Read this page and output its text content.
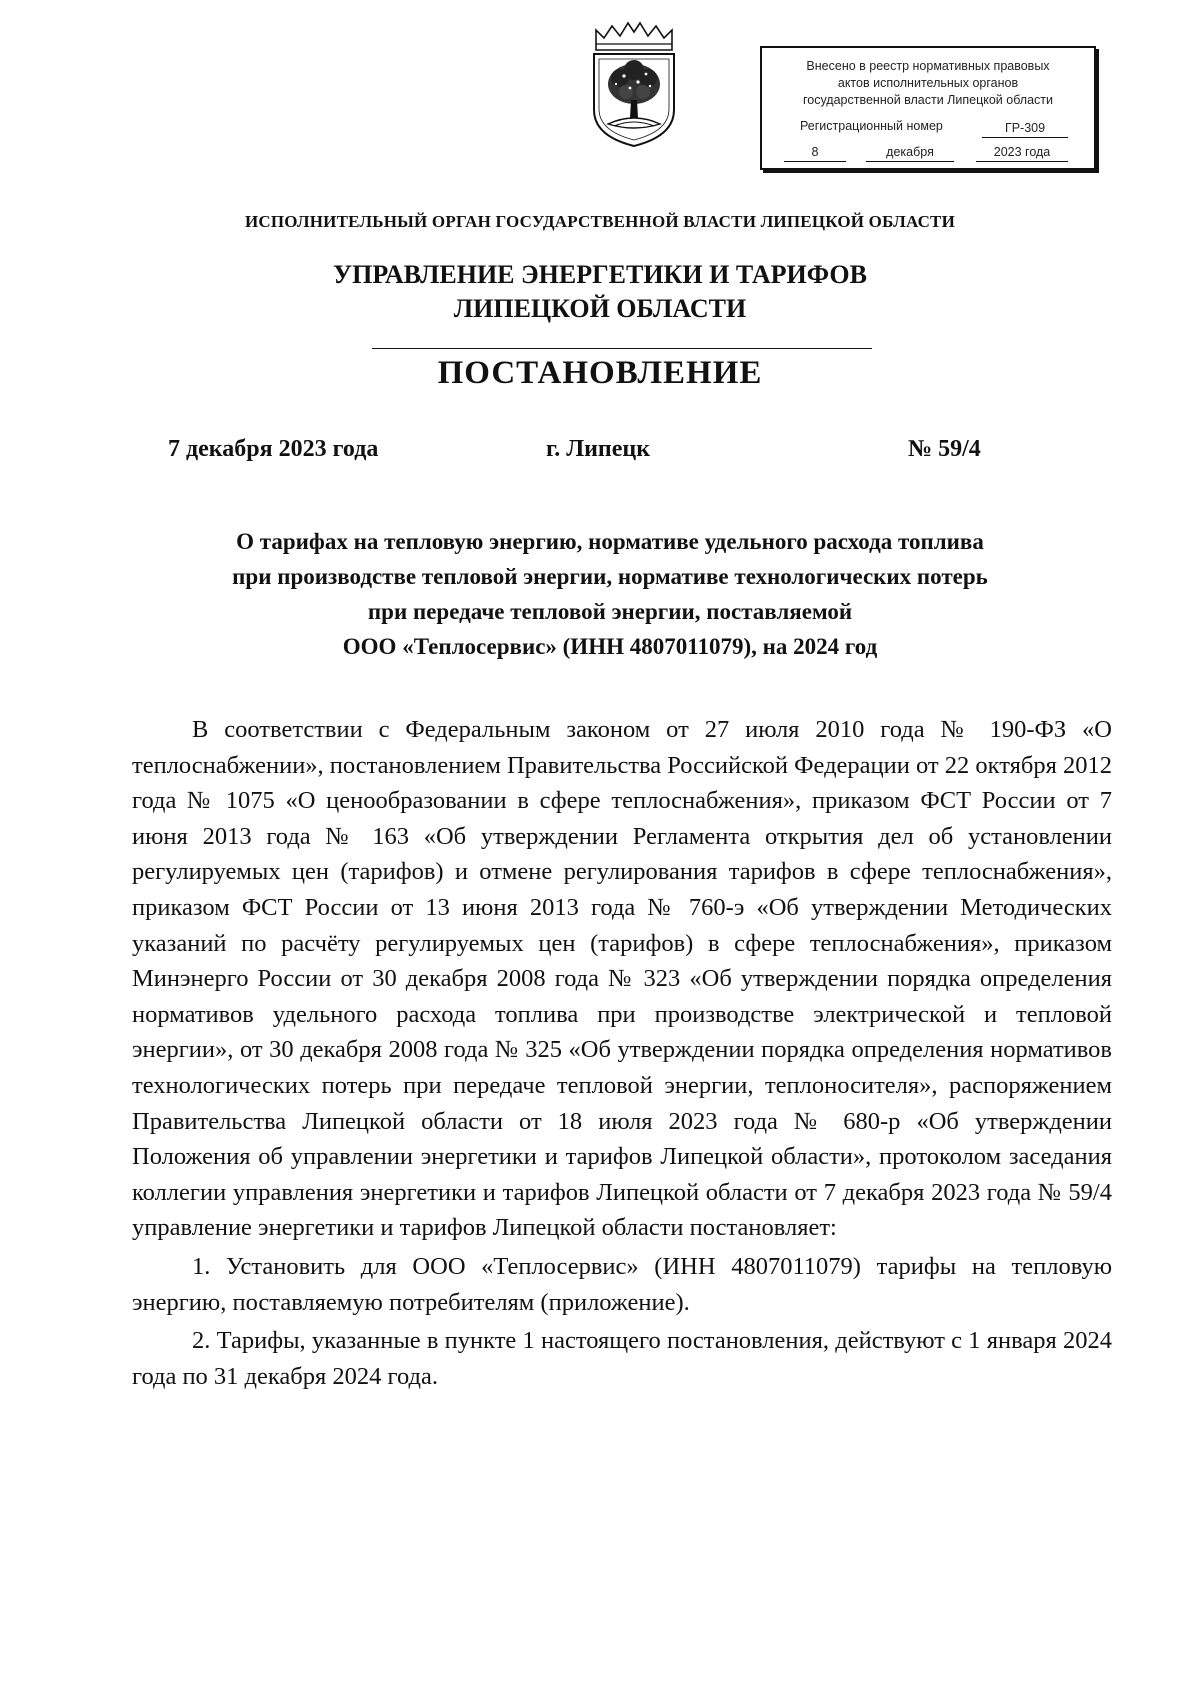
Внесено в реестр нормативных правовых
актов исполнительных органов
государственной власти Липецкой области
Регистрационный номер	ГР-309
8	декабря	2023 года
ИСПОЛНИТЕЛЬНЫЙ ОРГАН ГОСУДАРСТВЕННОЙ ВЛАСТИ ЛИПЕЦКОЙ ОБЛАСТИ
УПРАВЛЕНИЕ ЭНЕРГЕТИКИ И ТАРИФОВ
ЛИПЕЦКОЙ ОБЛАСТИ
ПОСТАНОВЛЕНИЕ
7 декабря 2023 года	г. Липецк	№ 59/4
О тарифах на тепловую энергию, нормативе удельного расхода топлива
при производстве тепловой энергии, нормативе технологических потерь
при передаче тепловой энергии, поставляемой
ООО «Теплосервис» (ИНН 4807011079), на 2024 год

В соответствии с Федеральным законом от 27 июля 2010 года № 190-ФЗ «О теплоснабжении», постановлением Правительства Российской Федерации от 22 октября 2012 года № 1075 «О ценообразовании в сфере теплоснабжения», приказом ФСТ России от 7 июня 2013 года № 163 «Об утверждении Регламента открытия дел об установлении регулируемых цен (тарифов) и отмене регулирования тарифов в сфере теплоснабжения», приказом ФСТ России от 13 июня 2013 года № 760-э «Об утверждении Методических указаний по расчёту регулируемых цен (тарифов) в сфере теплоснабжения», приказом Минэнерго России от 30 декабря 2008 года № 323 «Об утверждении порядка определения нормативов удельного расхода топлива при производстве электрической и тепловой энергии», от 30 декабря 2008 года № 325 «Об утверждении порядка определения нормативов технологических потерь при передаче тепловой энергии, теплоносителя», распоряжением Правительства Липецкой области от 18 июля 2023 года № 680-р «Об утверждении Положения об управлении энергетики и тарифов Липецкой области», протоколом заседания коллегии управления энергетики и тарифов Липецкой области от 7 декабря 2023 года № 59/4 управление энергетики и тарифов Липецкой области постановляет:

1. Установить для ООО «Теплосервис» (ИНН 4807011079) тарифы на тепловую энергию, поставляемую потребителям (приложение).

2. Тарифы, указанные в пункте 1 настоящего постановления, действуют с 1 января 2024 года по 31 декабря 2024 года.
